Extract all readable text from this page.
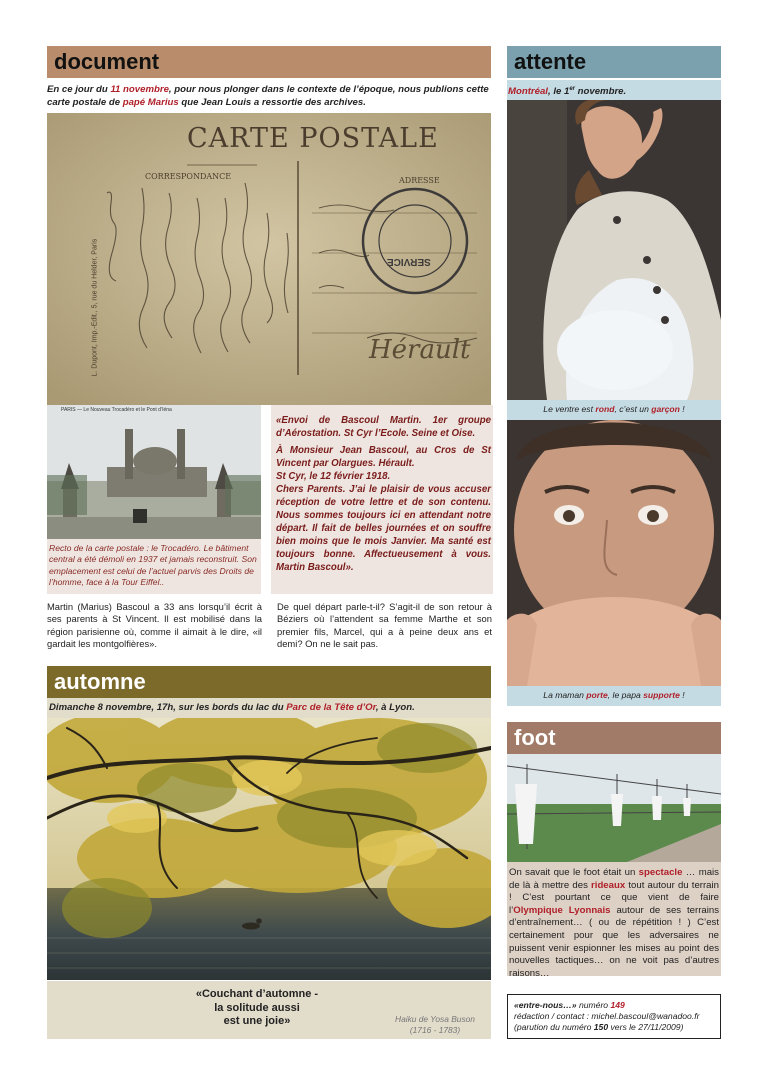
document
En ce jour du 11 novembre, pour nous plonger dans le contexte de l’époque, nous publions cette carte postale de papé Marius que Jean Louis a ressortie des archives.
CARTE POSTALE
CORRESPONDANCE	ADRESSE
SERVICE
L. Dupont, Imp.-Edit., 5, rue du Helder, Paris	Hérault
PARIS — Le Nouveau Trocadéro et le Pont d’Iéna
Recto de la carte postale : le Trocadéro. Le bâtiment central a été démoli en 1937 et jamais reconstruit. Son emplacement est celui de l’actuel parvis des Droits de l’homme, face à la Tour Eiffel..
«Envoi de Bascoul Martin. 1er groupe d’Aérostation. St Cyr l’Ecole. Seine et Oise.
À Monsieur Jean Bascoul, au Cros de St Vincent par Olargues. Hérault.
St Cyr, le 12 février 1918.
Chers Parents. J’ai le plaisir de vous accuser réception de votre lettre et de son contenu. Nous sommes toujours ici en attendant notre départ. Il fait de belles journées et on souffre bien moins que le mois Janvier. Ma santé est toujours bonne. Affectueusement à vous. Martin Bascoul».
Martin (Marius) Bascoul a 33 ans lorsqu’il écrit à ses parents à St Vincent. Il est mobilisé dans la région parisienne où, comme il aimait à le dire, «il gardait les montgolfières».
De quel départ parle-t-il? S’agit-il de son retour à Béziers où l’attendent sa femme Marthe et son premier fils, Marcel, qui a à peine deux ans et demi? On ne le sait pas.
automne
Dimanche 8 novembre, 17h, sur les bords du lac du Parc de la Tête d’Or, à Lyon.
«Couchant d’automne -
la solitude aussi
est une joie»	Haiku de Yosa Buson
(1716 - 1783)
attente
Montréal, le 1er novembre.
Le ventre est rond, c’est un garçon !
La maman porte, le papa supporte !
foot
On savait que le foot était un spectacle … mais de là à mettre des rideaux tout autour du terrain ! C’est pourtant ce que vient de faire l’Olympique Lyonnais autour de ses terrains d’entraînement… ( ou de répétition ! ) C’est certainement pour que les adversaires ne puissent venir espionner les mises au point des nouvelles tactiques… on ne voit pas d’autres raisons…
«entre-nous…» numéro 149
rédaction / contact : michel.bascoul@wanadoo.fr
(parution du numéro 150 vers le 27/11/2009)
